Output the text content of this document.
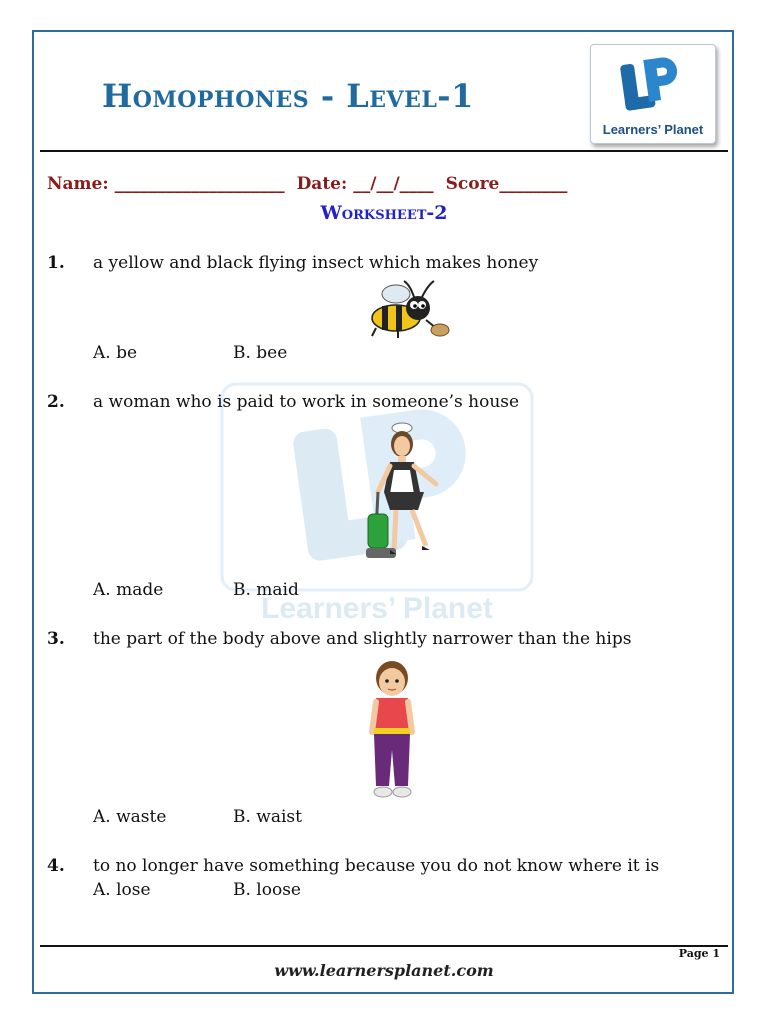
Homophones - Level-1
Learners’ Planet
Name: ____________________ Date: __/__/____ Score________
Worksheet-2
Learners’ Planet
1. a yellow and black flying insect which makes honey
A. be	B. bee
2. a woman who is paid to work in someone’s house
A. made	B. maid
3. the part of the body above and slightly narrower than the hips
A. waste	B. waist
4. to no longer have something because you do not know where it is
A. lose	B. loose
Page 1
www.learnersplanet.com
